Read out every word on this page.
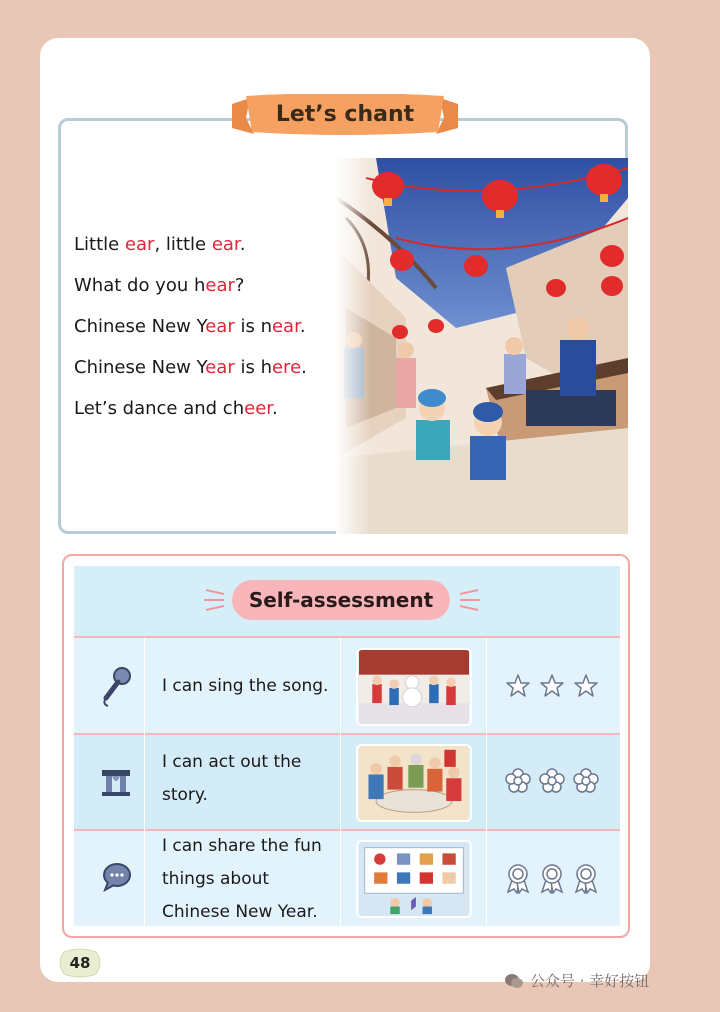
Let’s chant
Little ear, little ear.
What do you hear?
Chinese New Year is near.
Chinese New Year is here.
Let’s dance and cheer.
Self-assessment
I can sing the song.
I can act out the story.
I can share the fun things about Chinese New Year.
48
公众号 · 幸好按钮
